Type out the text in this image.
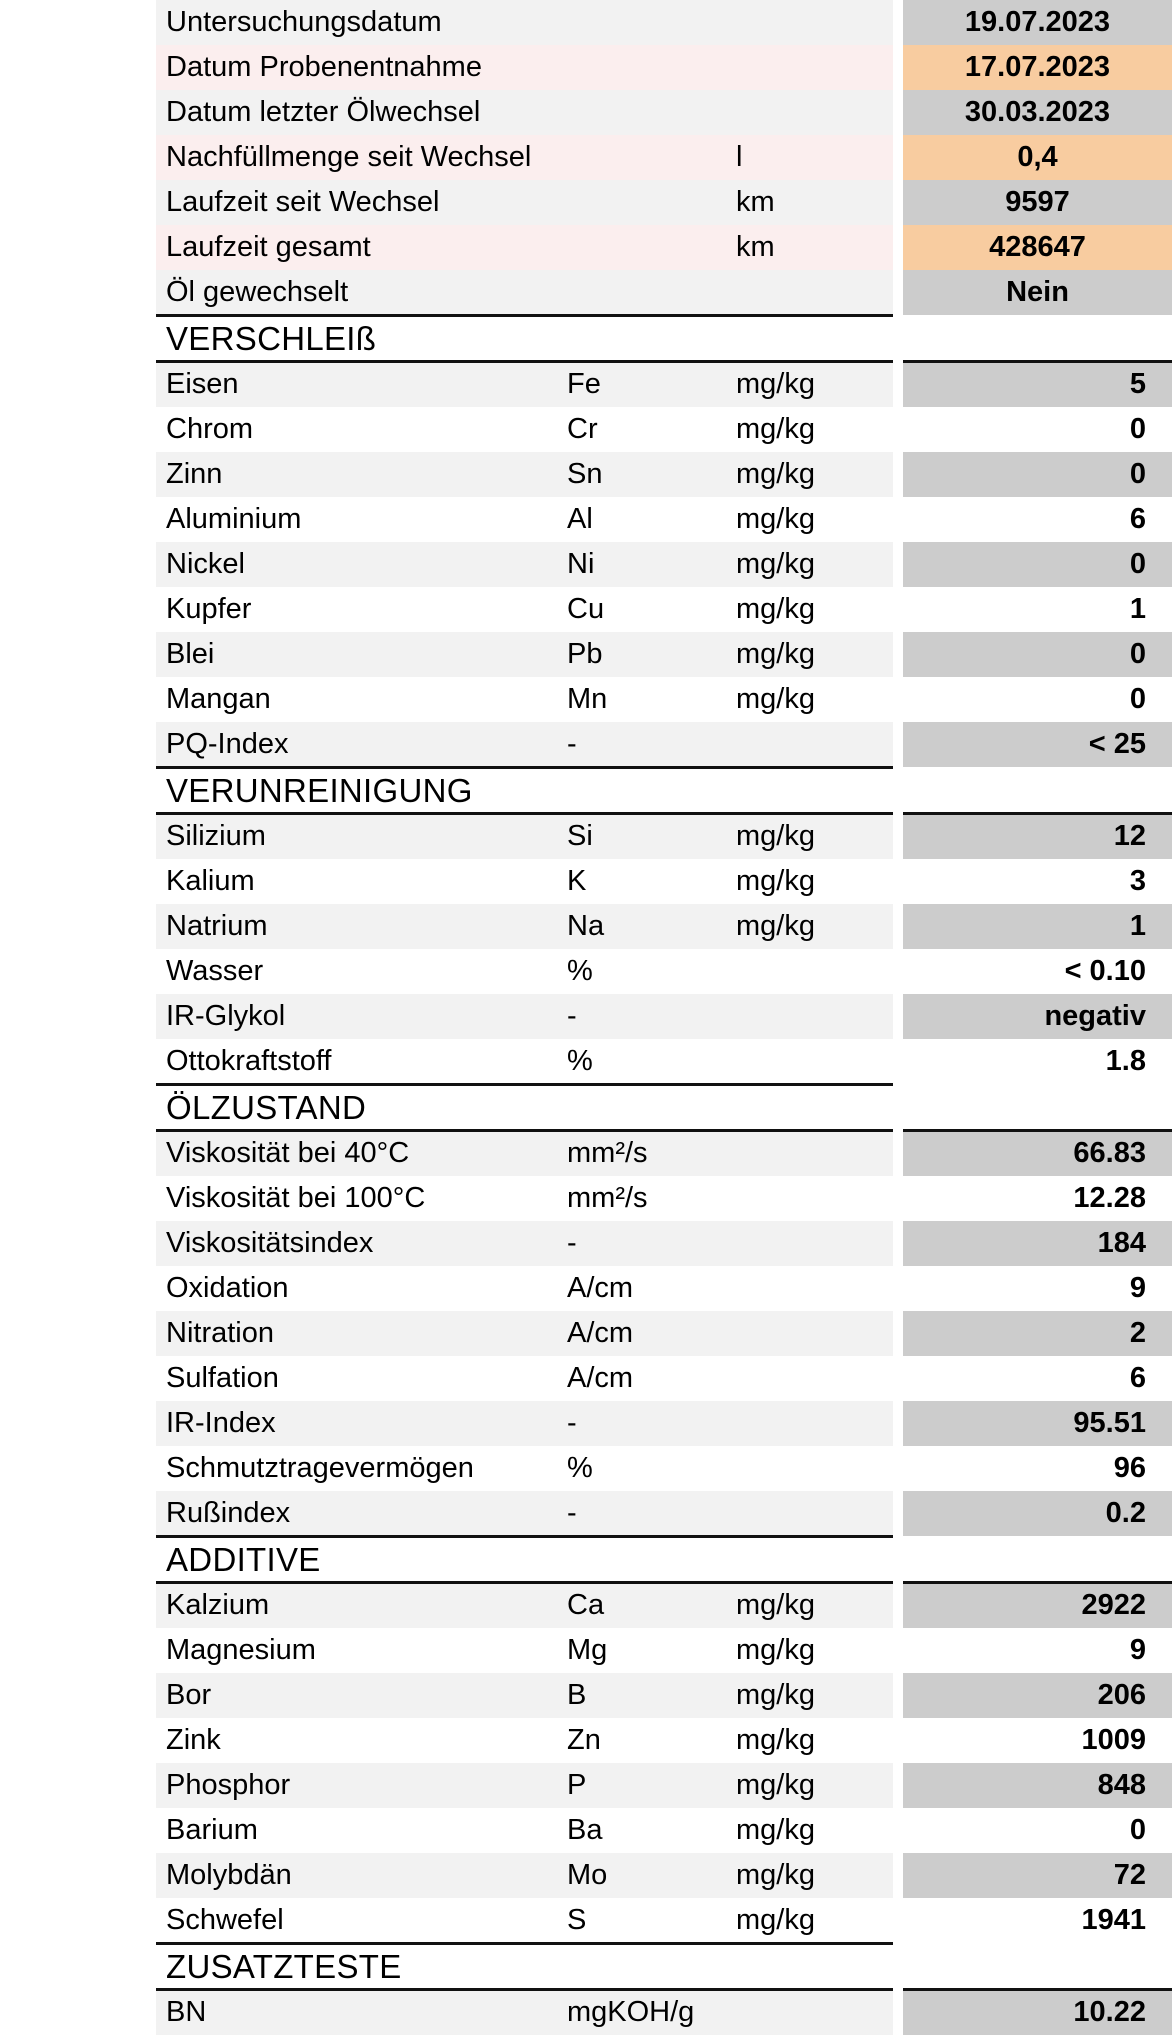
Untersuchungsdatum	19.07.2023
Datum Probenentnahme	17.07.2023
Datum letzter Ölwechsel	30.03.2023
Nachfüllmenge seit Wechsel	l	0,4
Laufzeit seit Wechsel	km	9597
Laufzeit gesamt	km	428647
Öl gewechselt	Nein
VERSCHLEIß
Eisen	Fe	mg/kg	5
Chrom	Cr	mg/kg	0
Zinn	Sn	mg/kg	0
Aluminium	Al	mg/kg	6
Nickel	Ni	mg/kg	0
Kupfer	Cu	mg/kg	1
Blei	Pb	mg/kg	0
Mangan	Mn	mg/kg	0
PQ-Index	-	< 25
VERUNREINIGUNG
Silizium	Si	mg/kg	12
Kalium	K	mg/kg	3
Natrium	Na	mg/kg	1
Wasser	%	< 0.10
IR-Glykol	-	negativ
Ottokraftstoff	%	1.8
ÖLZUSTAND
Viskosität bei 40°C	mm²/s	66.83
Viskosität bei 100°C	mm²/s	12.28
Viskositätsindex	-	184
Oxidation	A/cm	9
Nitration	A/cm	2
Sulfation	A/cm	6
IR-Index	-	95.51
Schmutztragevermögen	%	96
Rußindex	-	0.2
ADDITIVE
Kalzium	Ca	mg/kg	2922
Magnesium	Mg	mg/kg	9
Bor	B	mg/kg	206
Zink	Zn	mg/kg	1009
Phosphor	P	mg/kg	848
Barium	Ba	mg/kg	0
Molybdän	Mo	mg/kg	72
Schwefel	S	mg/kg	1941
ZUSATZTESTE
BN	mgKOH/g	10.22
